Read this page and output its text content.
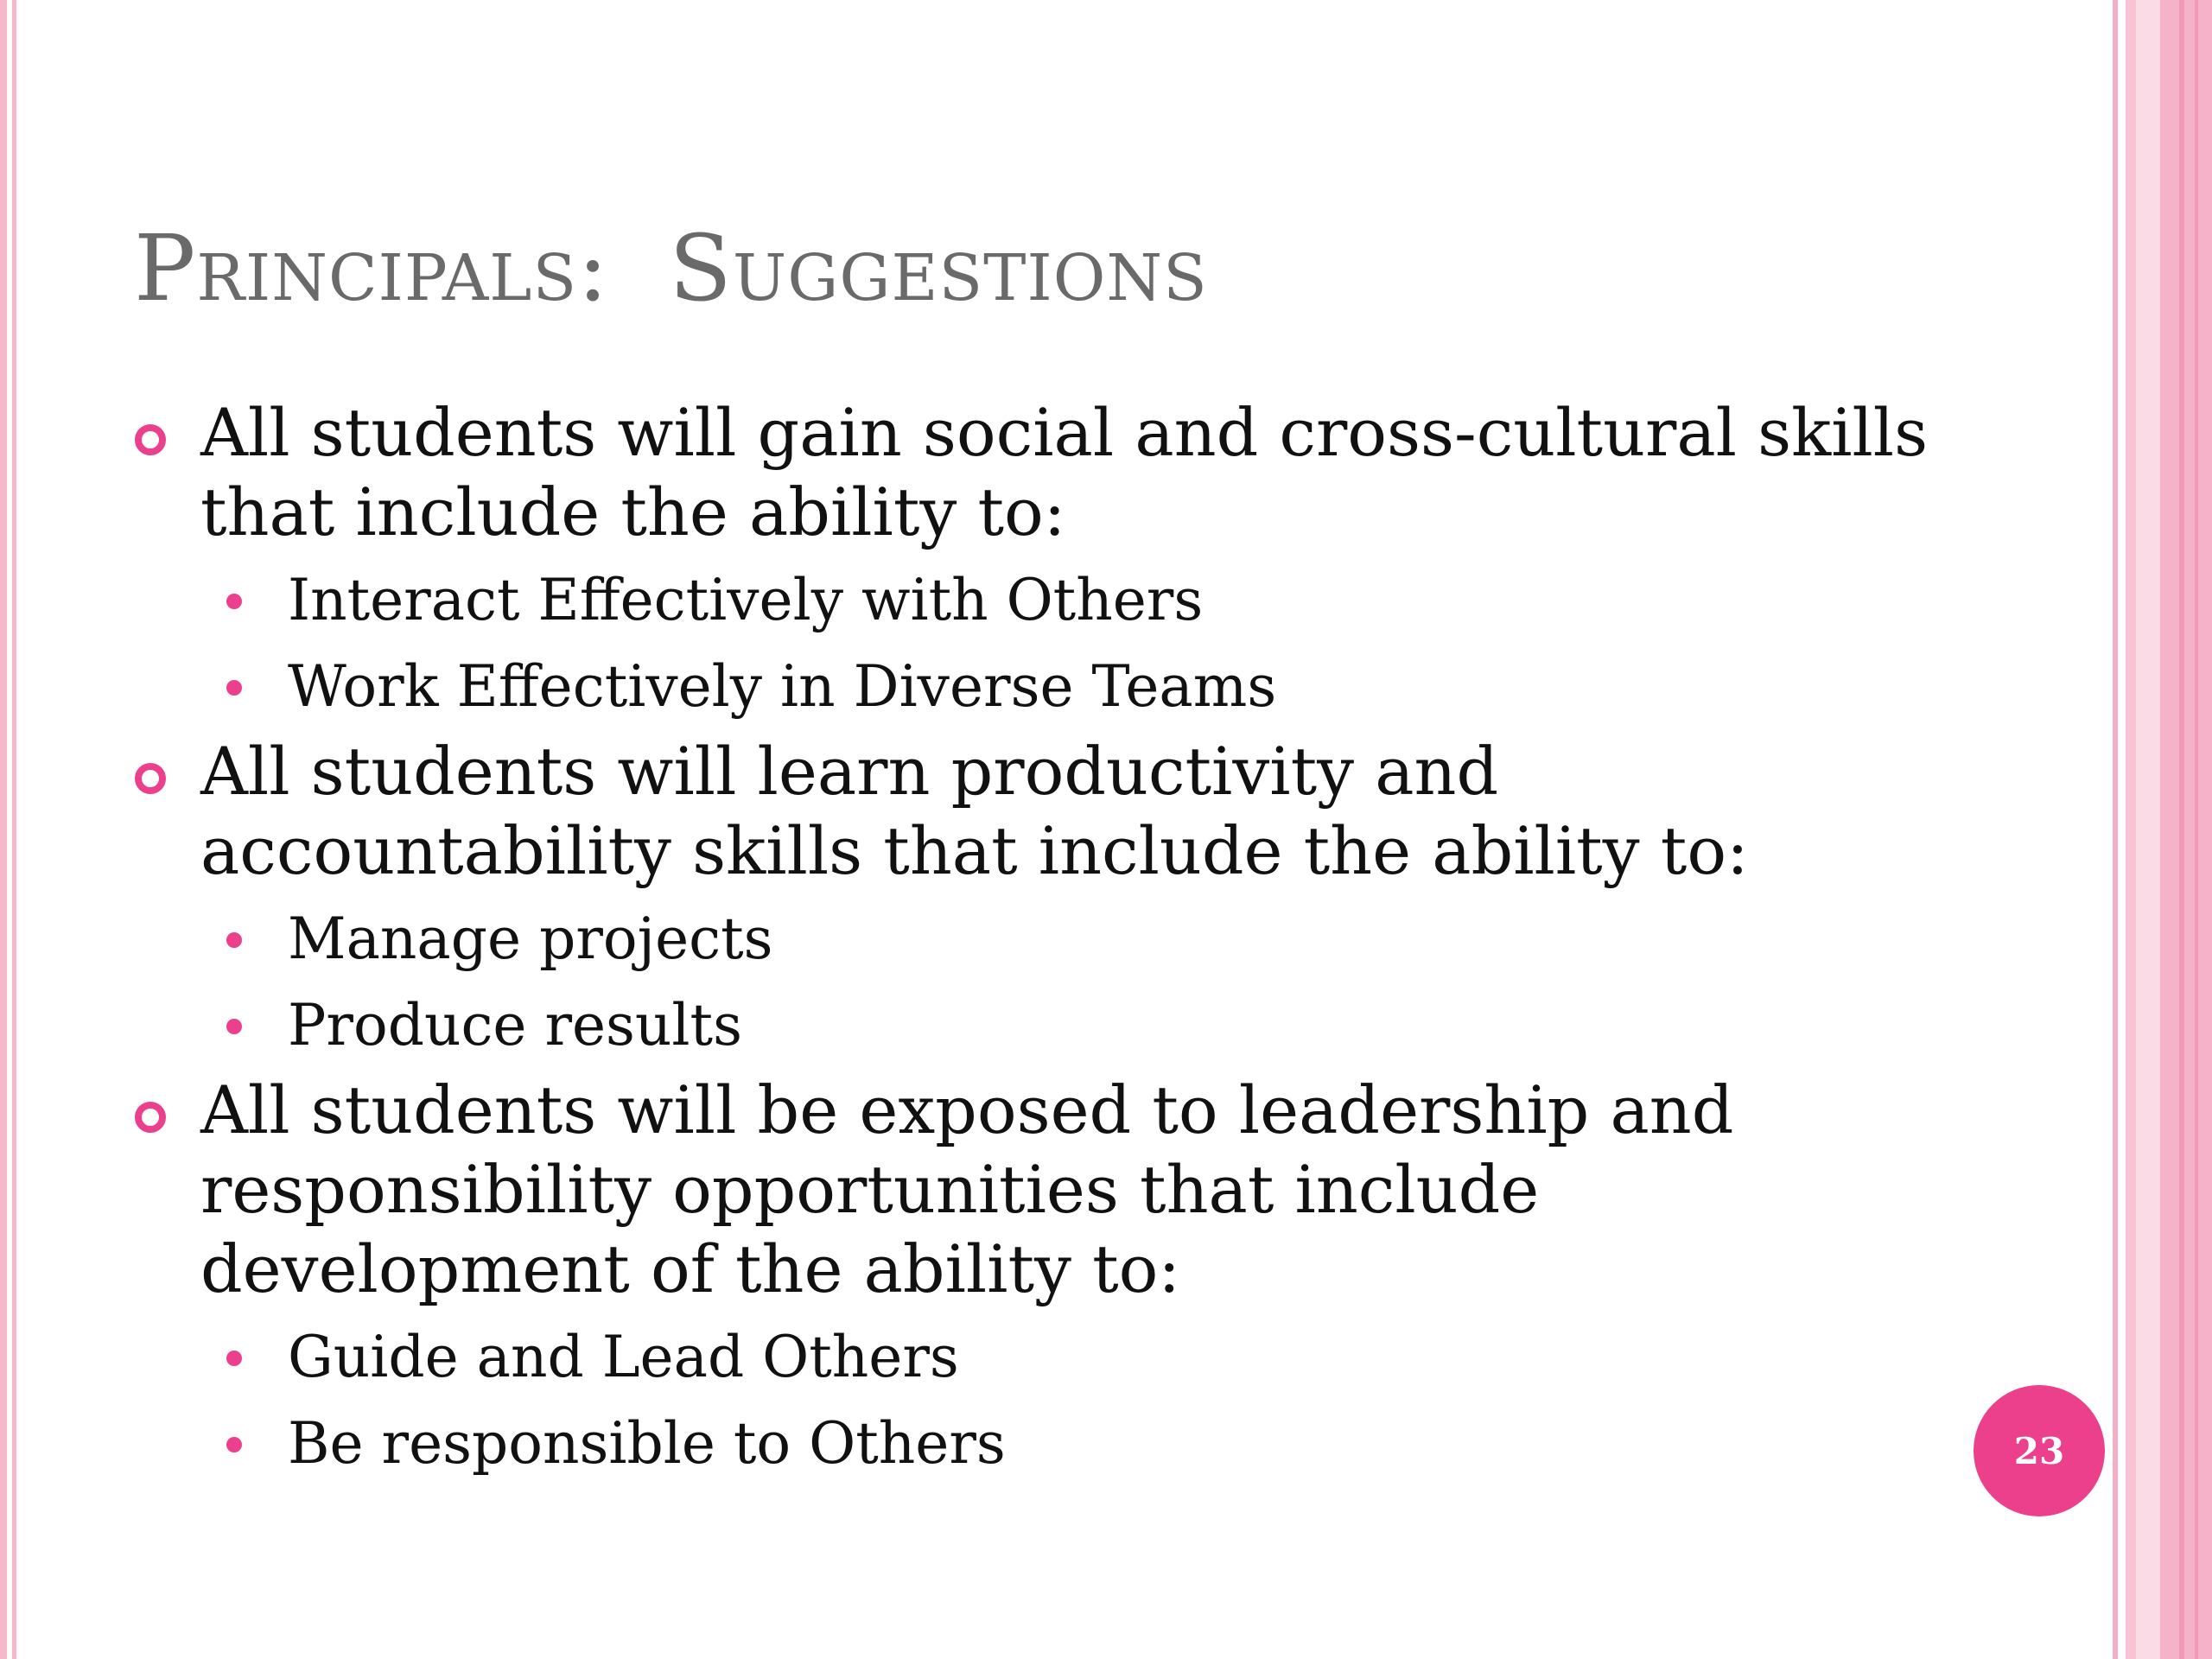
Principals:  Suggestions

All students will gain social and cross-cultural skills that include the ability to:

Interact Effectively with Others

Work Effectively in Diverse Teams

All students will learn productivity and accountability skills that include the ability to:

Manage projects

Produce results

All students will be exposed to leadership and responsibility opportunities that include development of the ability to:

Guide and Lead Others

Be responsible to Others	23
